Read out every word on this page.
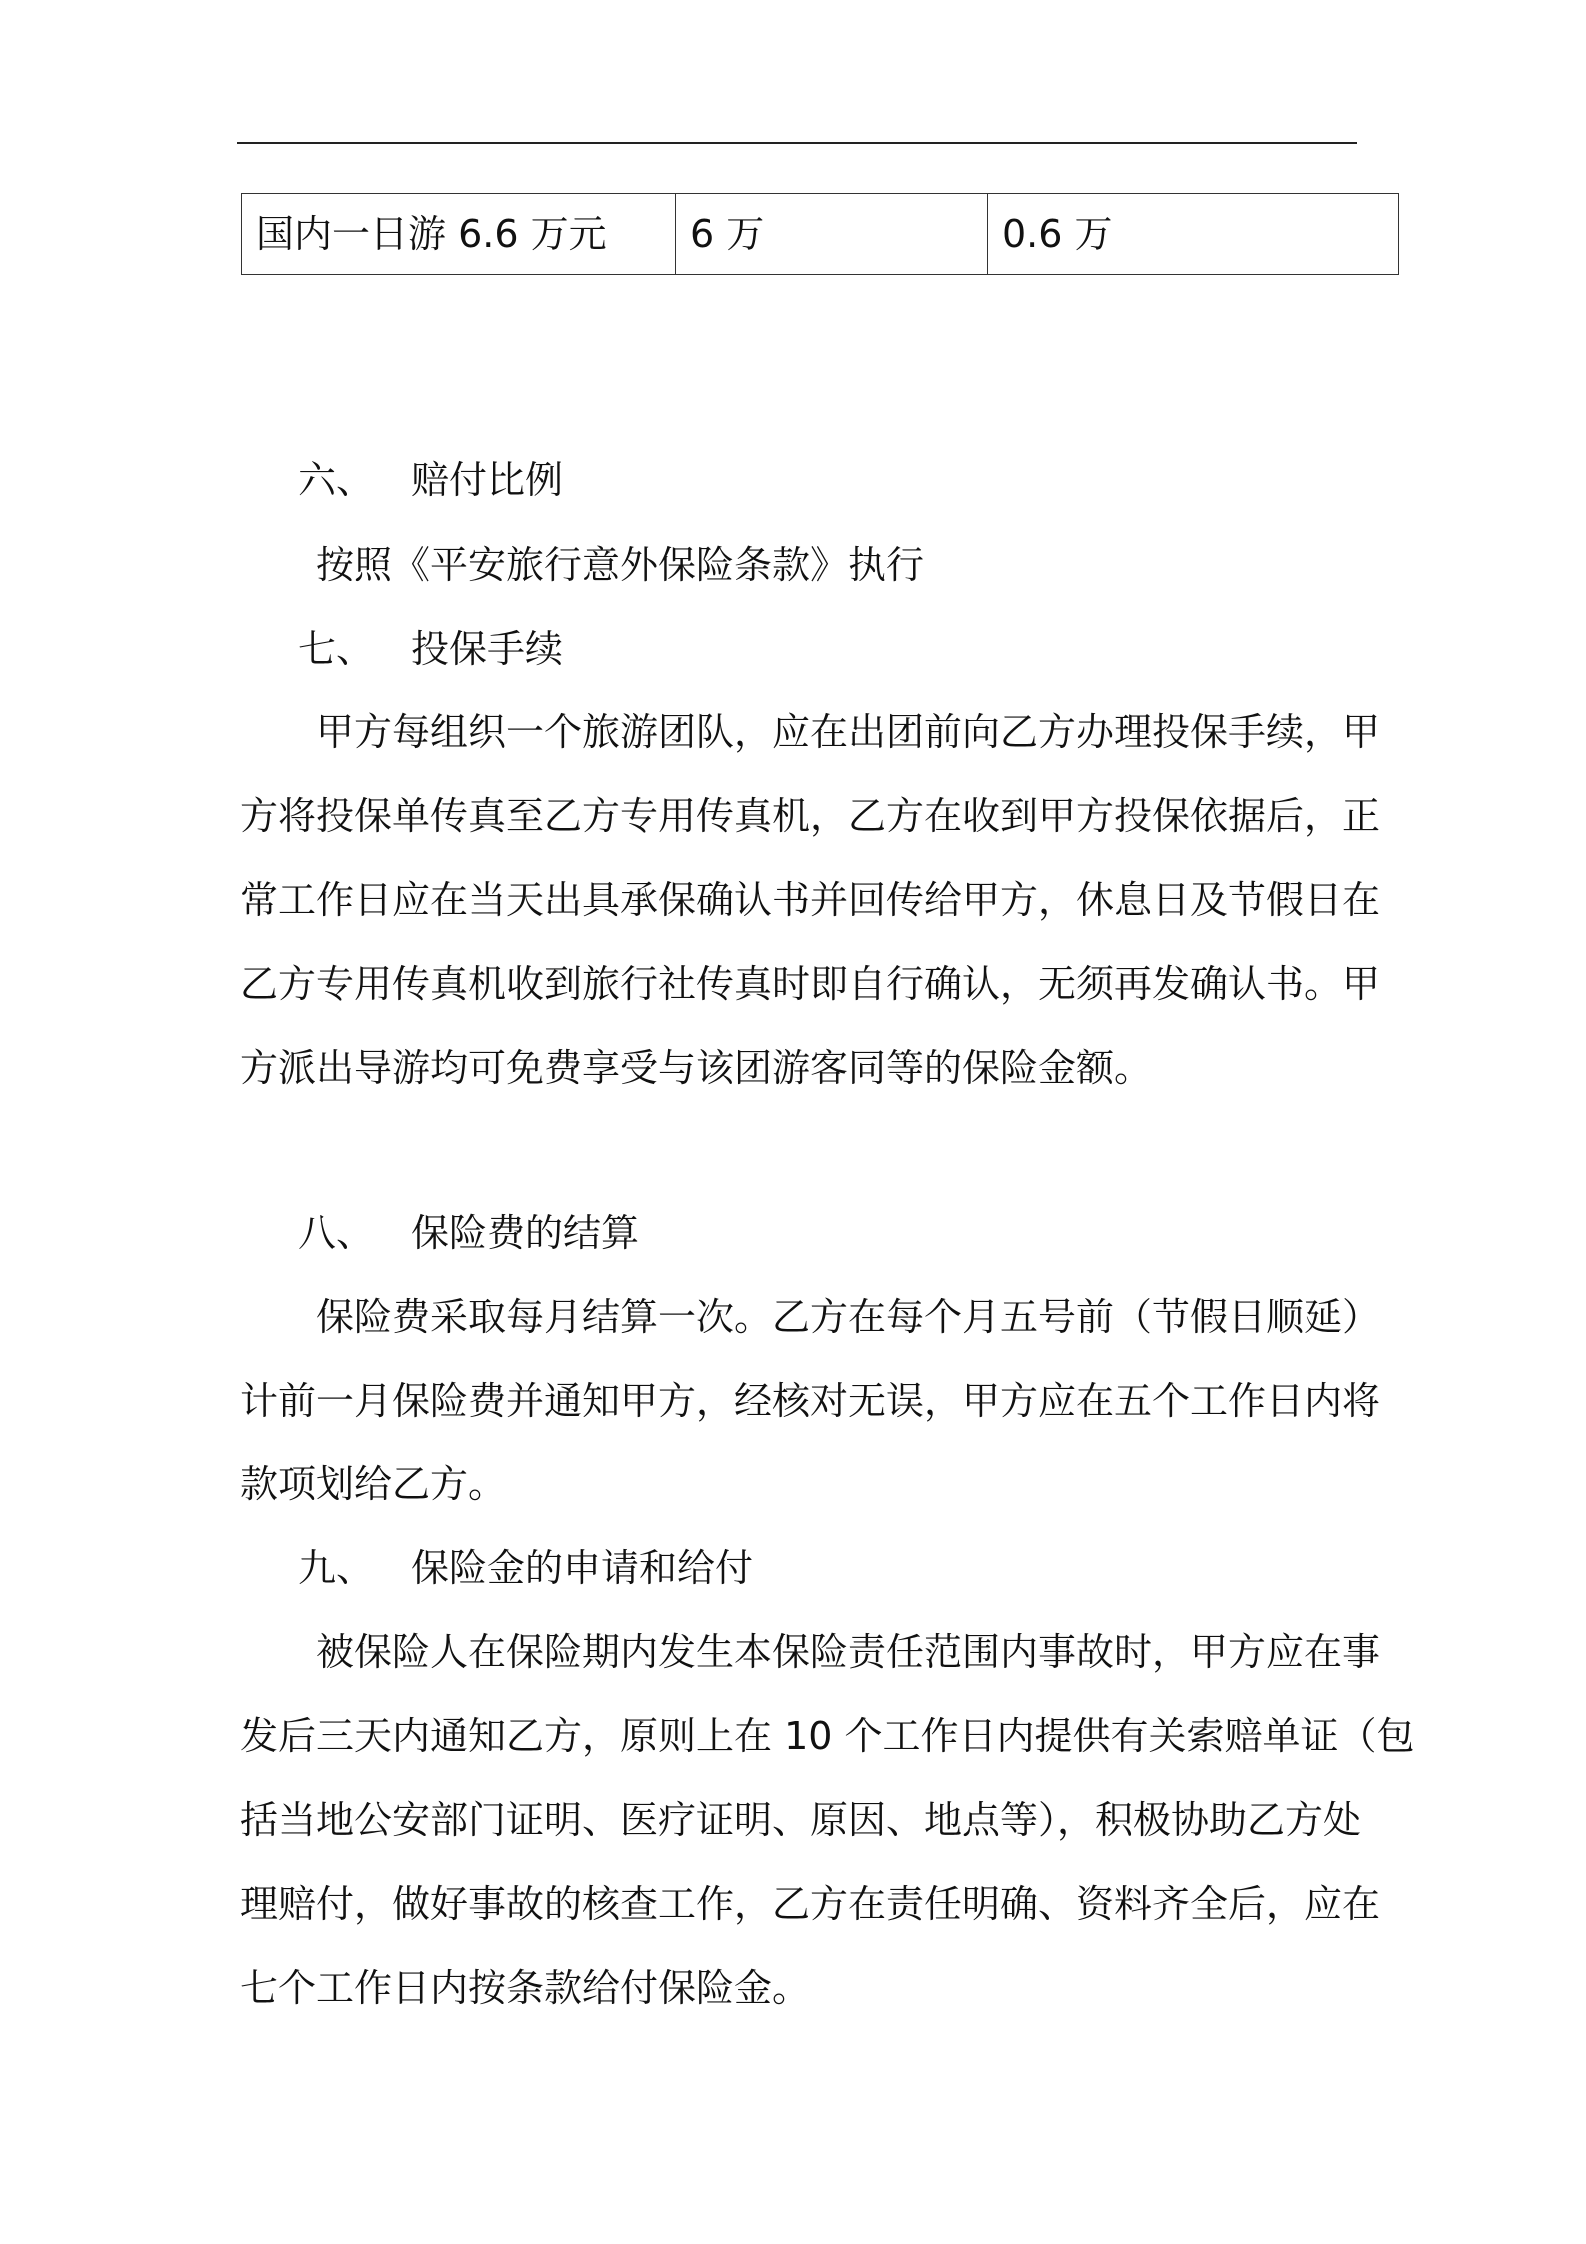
国内一日游 6.6 万元	6 万	0.6 万
六、 赔付比例
按照《平安旅行意外保险条款》执行
七、 投保手续
甲方每组织一个旅游团队，应在出团前向乙方办理投保手续，甲
方将投保单传真至乙方专用传真机，乙方在收到甲方投保依据后，正
常工作日应在当天出具承保确认书并回传给甲方，休息日及节假日在
乙方专用传真机收到旅行社传真时即自行确认，无须再发确认书。甲
方派出导游均可免费享受与该团游客同等的保险金额。
八、 保险费的结算
保险费采取每月结算一次。乙方在每个月五号前（节假日顺延）
计前一月保险费并通知甲方，经核对无误，甲方应在五个工作日内将
款项划给乙方。
九、 保险金的申请和给付
被保险人在保险期内发生本保险责任范围内事故时，甲方应在事
发后三天内通知乙方，原则上在 10 个工作日内提供有关索赔单证（包
括当地公安部门证明、医疗证明、原因、地点等），积极协助乙方处
理赔付，做好事故的核查工作，乙方在责任明确、资料齐全后，应在
七个工作日内按条款给付保险金。
